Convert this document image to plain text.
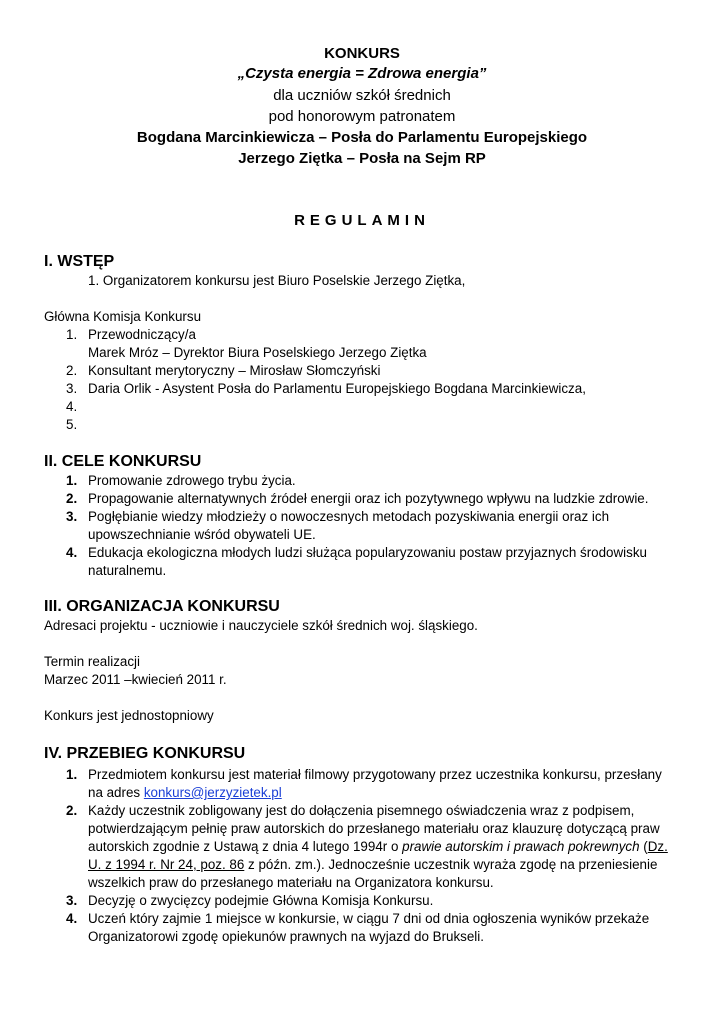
KONKURS
„Czysta energia = Zdrowa energia”
dla uczniów szkół średnich
pod honorowym patronatem
Bogdana Marcinkiewicza – Posła do Parlamentu Europejskiego
Jerzego Ziętka – Posła na Sejm RP
REGULAMIN
I. WSTĘP
1. Organizatorem konkursu jest Biuro Poselskie Jerzego Ziętka,
Główna Komisja Konkursu
1. Przewodniczący/a
Marek Mróz – Dyrektor Biura Poselskiego Jerzego Ziętka
2. Konsultant merytoryczny – Mirosław Słomczyński
3. Daria Orlik - Asystent Posła do Parlamentu Europejskiego Bogdana Marcinkiewicza,
4.
5.
II. CELE KONKURSU
1. Promowanie zdrowego trybu życia.
2. Propagowanie alternatywnych źródeł energii oraz ich pozytywnego wpływu na ludzkie zdrowie.
3. Pogłębianie wiedzy młodzieży o nowoczesnych metodach pozyskiwania energii oraz ich
upowszechnianie wśród obywateli UE.
4. Edukacja ekologiczna młodych ludzi służąca popularyzowaniu postaw przyjaznych środowisku
naturalnemu.
III. ORGANIZACJA KONKURSU
Adresaci projektu - uczniowie i nauczyciele szkół średnich woj. śląskiego.
Termin realizacji
Marzec 2011 –kwiecień 2011 r.
Konkurs jest jednostopniowy
IV. PRZEBIEG KONKURSU
1. Przedmiotem konkursu jest materiał filmowy przygotowany przez uczestnika konkursu, przesłany
na adres konkurs@jerzyzietek.pl
2. Każdy uczestnik zobligowany jest do dołączenia pisemnego oświadczenia wraz z podpisem,
potwierdzającym pełnię praw autorskich do przesłanego materiału oraz klauzurę dotyczącą praw
autorskich zgodnie z Ustawą z dnia 4 lutego 1994r o prawie autorskim i prawach pokrewnych (Dz.
U. z 1994 r. Nr 24, poz. 86 z późn. zm.). Jednocześnie uczestnik wyraża zgodę na przeniesienie
wszelkich praw do przesłanego materiału na Organizatora konkursu.
3. Decyzję o zwycięzcy podejmie Główna Komisja Konkursu.
4. Uczeń który zajmie 1 miejsce w konkursie, w ciągu 7 dni od dnia ogłoszenia wyników przekaże
Organizatorowi zgodę opiekunów prawnych na wyjazd do Brukseli.
